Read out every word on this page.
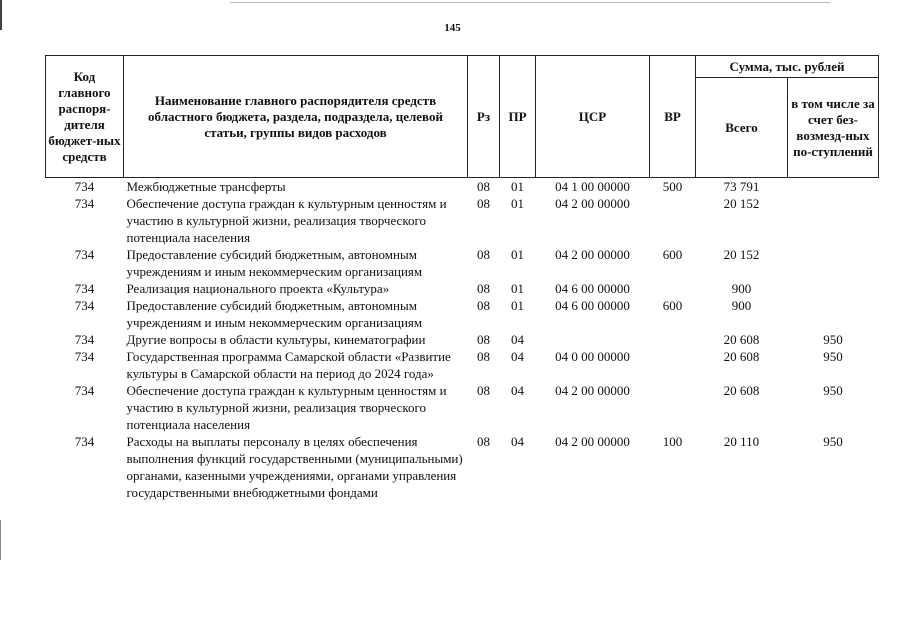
145
Код главного распоря-дителя бюджет-ных средств	Наименование главного распорядителя средств областного бюджета, раздела, подраздела, целевой статьи, группы видов расходов	Рз	ПР	ЦСР	ВР	Сумма, тыс. рублей	
						Всего	в том числе за счет без-возмезд-ных по-ступлений
734	Межбюджетные трансферты	08	01	04 1 00 00000	500	73 791	
734	Обеспечение доступа граждан к культурным ценностям и участию в культурной жизни, реализация творческого потенциала населения	08	01	04 2 00 00000		20 152	
734	Предоставление субсидий бюджетным, автономным учреждениям и иным некоммерческим организациям	08	01	04 2 00 00000	600	20 152	
734	Реализация национального проекта «Культура»	08	01	04 6 00 00000		900	
734	Предоставление субсидий бюджетным, автономным учреждениям и иным некоммерческим организациям	08	01	04 6 00 00000	600	900	
734	Другие вопросы в области культуры, кинематографии	08	04			20 608	950
734	Государственная программа Самарской области «Развитие культуры в Самарской области на период до 2024 года»	08	04	04 0 00 00000		20 608	950
734	Обеспечение доступа граждан к культурным ценностям и участию в культурной жизни, реализация творческого потенциала населения	08	04	04 2 00 00000		20 608	950
734	Расходы на выплаты персоналу в целях обеспечения выполнения функций государственными (муниципальными) органами, казенными учреждениями, органами управления государственными внебюджетными фондами	08	04	04 2 00 00000	100	20 110	950
